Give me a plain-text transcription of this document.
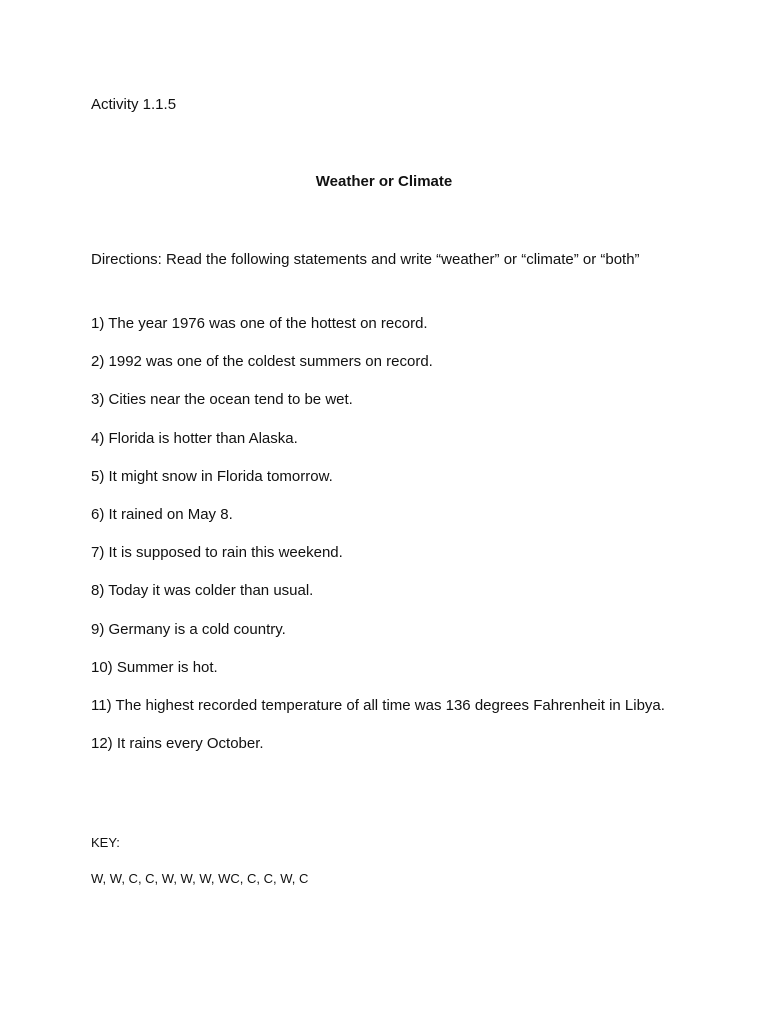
Activity 1.1.5
Weather or Climate
Directions: Read the following statements and write “weather” or “climate” or “both”
1) The year 1976 was one of the hottest on record.
2) 1992 was one of the coldest summers on record.
3) Cities near the ocean tend to be wet.
4) Florida is hotter than Alaska.
5) It might snow in Florida tomorrow.
6) It rained on May 8.
7) It is supposed to rain this weekend.
8) Today it was colder than usual.
9) Germany is a cold country.
10) Summer is hot.
11) The highest recorded temperature of all time was 136 degrees Fahrenheit in Libya.
12) It rains every October.
KEY:
W, W, C, C, W, W, W, WC, C, C, W, C
